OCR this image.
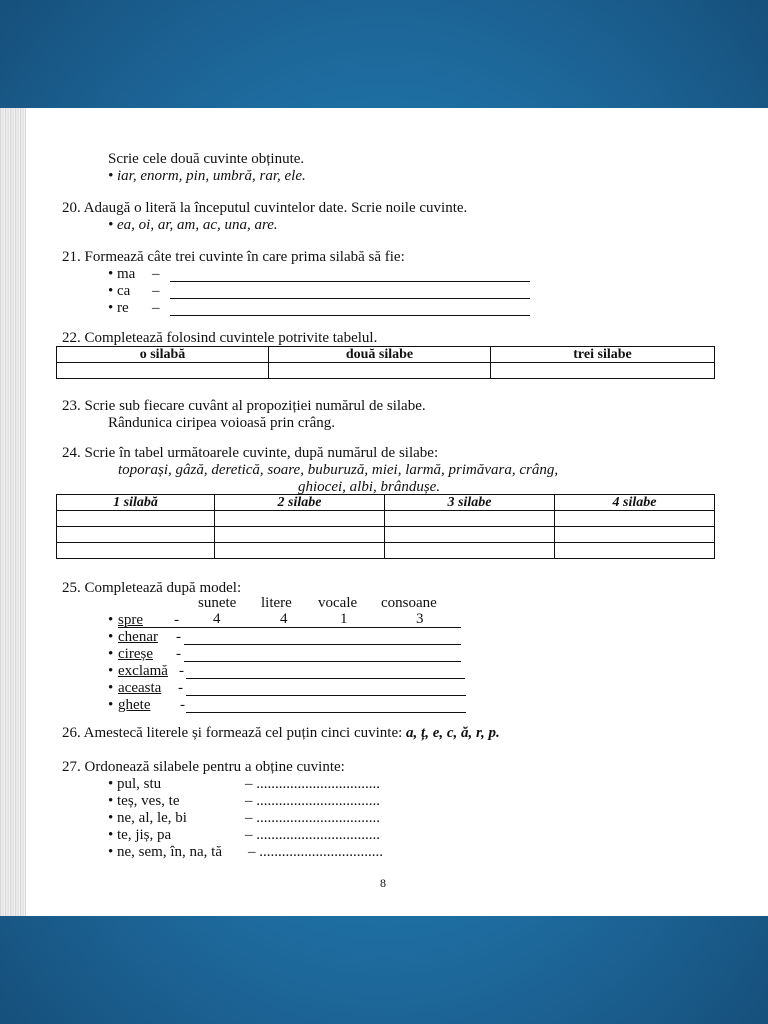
Scrie cele două cuvinte obținute.
• iar, enorm, pin, umbră, rar, ele.
20. Adaugă o literă la începutul cuvintelor date. Scrie noile cuvinte.
• ea, oi, ar, am, ac, una, are.
21. Formează câte trei cuvinte în care prima silabă să fie:
• ma –
• ca –
• re –
22. Completează folosind cuvintele potrivite tabelul.
o silabă	două silabe	trei silabe

23. Scrie sub fiecare cuvânt al propoziției numărul de silabe.
Rândunica ciripea voioasă prin crâng.
24. Scrie în tabel următoarele cuvinte, după numărul de silabe:
toporași, gâză, deretică, soare, buburuză, miei, larmă, primăvara, crâng,
ghiocei, albi, brândușe.
1 silabă	2 silabe	3 silabe	4 silabe

25. Completează după model:
sunete litere vocale consoane
• spre - 4	4	1	3
• chenar -
• cireșe -
• exclamă -
• aceasta -
• ghete -
26. Amestecă literele și formează cel puțin cinci cuvinte: a, ț, e, c, ă, r, p.
27. Ordonează silabele pentru a obține cuvinte:
• pul, stu	– .................................
• teș, ves, te	– .................................
• ne, al, le, bi	– .................................
• te, jiș, pa	– .................................
• ne, sem, în, na, tă – .................................
8
